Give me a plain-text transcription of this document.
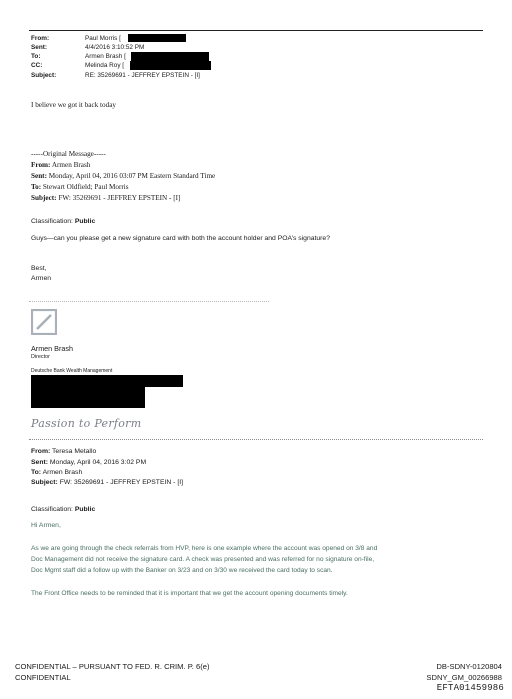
From:	Paul Morris [
Sent:	4/4/2016 3:10:52 PM
To:	Armen Brash [
CC:	Melinda Roy [
Subject:	RE: 35269691 - JEFFREY EPSTEIN - [I]
I believe we got it back today
-----Original Message-----
From: Armen Brash
Sent: Monday, April 04, 2016 03:07 PM Eastern Standard Time
To: Stewart Oldfield; Paul Morris
Subject: FW: 35269691 - JEFFREY EPSTEIN - [I]
Classification: Public
Guys—can you please get a new signature card with both the account holder and POA’s signature?
Best,
Armen
Armen Brash
Director
Deutsche Bank Wealth Management
Passion to Perform
From: Teresa Metallo
Sent: Monday, April 04, 2016 3:02 PM
To: Armen Brash
Subject: FW: 35269691 - JEFFREY EPSTEIN - [I]
Classification: Public
Hi Armen,
As we are going through the check referrals from HVP, here is one example where the account was opened on 3/8 and
Doc Management did not receive the signature card. A check was presented and was referred for no signature on-file,
Doc Mgmt staff did a follow up with the Banker on 3/23 and on 3/30 we received the card today to scan.
The Front Office needs to be reminded that it is important that we get the account opening documents timely.
CONFIDENTIAL – PURSUANT TO FED. R. CRIM. P. 6(e)
CONFIDENTIAL
DB-SDNY-0120804
SDNY_GM_00266988
EFTA01459986
